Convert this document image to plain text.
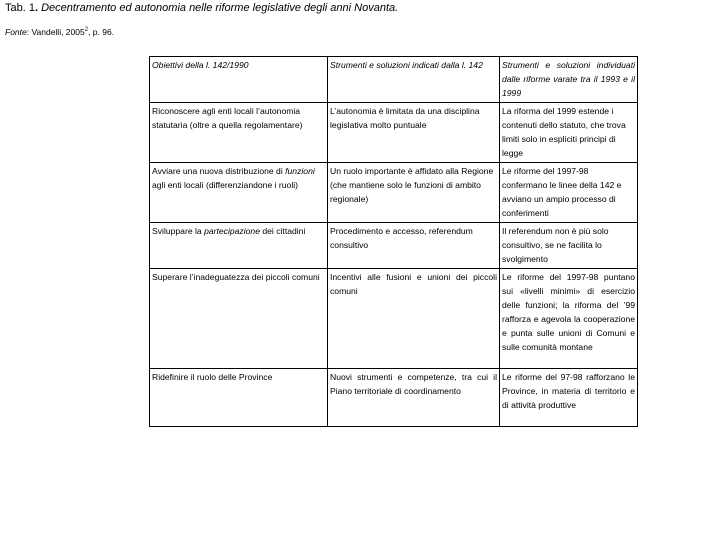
Tab. 1. Decentramento ed autonomia nelle riforme legislative degli anni Novanta.
Fonte: Vandelli, 2005$^2$, p. 96.
Obiettivi della l. 142/1990	Strumenti e soluzioni indicati dalla l. 142	Strumenti e soluzioni individuati dalle riforme varate tra il 1993 e il 1999
Riconoscere agli enti locali l’autonomia statutaria (oltre a quella regolamentare)	L’autonomia è limitata da una disciplina legislativa molto puntuale	La riforma del 1999 estende i contenuti dello statuto, che trova limiti solo in espliciti principi di legge
Avviare una nuova distribuzione di funzioni agli enti locali (differenziandone i ruoli)	Un ruolo importante è affidato alla Regione (che mantiene solo le funzioni di ambito regionale)	Le riforme del 1997-98 confermano le linee della 142 e avviano un ampio processo di conferimenti
Sviluppare la partecipazione dei cittadini	Procedimento e accesso, referendum consultivo	Il referendum non è più solo consultivo, se ne facilita lo svolgimento
Superare l’inadeguatezza dei piccoli comuni	Incentivi alle fusioni e unioni dei piccoli comuni	Le riforme del 1997-98 puntano sui «livelli minimi» di esercizio delle funzioni; la riforma del ’99 rafforza e agevola la cooperazione e punta sulle unioni di Comuni e sulle comunità montane
Ridefinire il ruolo delle Province	Nuovi strumenti e competenze, tra cui il Piano territoriale di coordinamento	Le riforme del 97-98 rafforzano le Province, in materia di territorio e di attività produttive
